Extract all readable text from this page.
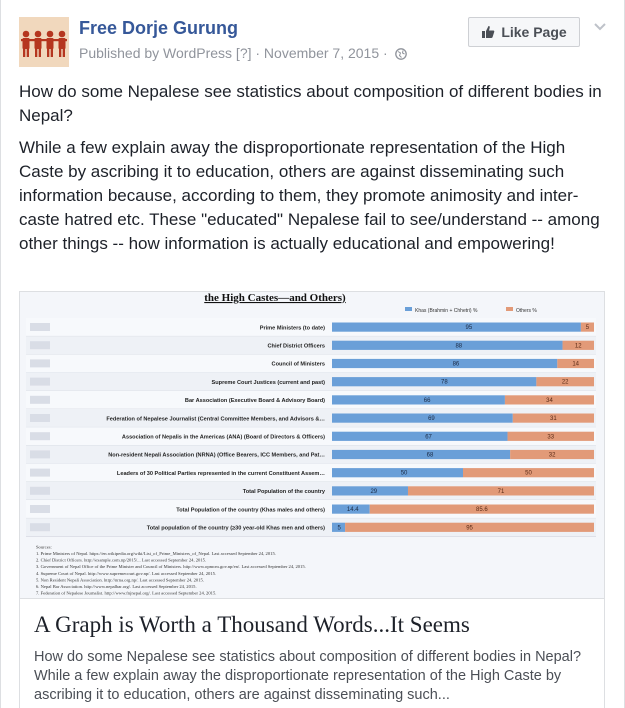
Free Dorje Gurung
Published by WordPress [?] · November 7, 2015 ·
Like Page

How do some Nepalese see statistics about composition of different bodies in Nepal?

While a few explain away the disproportionate representation of the High Caste by ascribing it to education, others are against disseminating such information because, according to them, they promote animosity and inter-caste hatred etc. These "educated" Nepalese fail to see/understand -- among other things -- how information is actually educational and empowering!

the High Castes—and Others)
Khas (Brahmin + Chhetri) %	Others %
Prime Ministers (to date)	95	5
Chief District Officers	88	12
Council of Ministers	86	14
Supreme Court Justices (current and past)	78	22
Bar Association (Executive Board & Advisory Board)	66	34
Federation of Nepalese Journalist (Central Committee Members, and Advisors &…	69	31
Association of Nepalis in the Americas (ANA) (Board of Directors & Officers)	67	33
Non-resident Nepali Association (NRNA) (Office Bearers, ICC Members, and Pat…	68	32
Leaders of 30 Political Parties represented in the current Constituent Assem…	50	50
Total Population of the country	29	71
Total Population of the country (Khas males and others)	14.4	85.6
Total population of the country (≥30 year-old Khas men and others) 5	95
Sources:
1. Prime Ministers of Nepal. https://en.wikipedia.org/wiki/List_of_Prime_Ministers_of_Nepal. Last accessed September 24, 2015.
2. Chief District Officers. http://example.com.np/2015/... Last accessed September 24, 2015.
3. Government of Nepal Office of the Prime Minister and Council of Ministers. http://www.opmcm.gov.np/en/. Last accessed September 24, 2015.
4. Supreme Court of Nepal. http://www.supremecourt.gov.np/. Last accessed September 24, 2015.
5. Non Resident Nepali Association. http://nrna.org.np/. Last accessed September 24, 2015.
6. Nepal Bar Association. http://www.nepalbar.org/. Last accessed September 24, 2015.
7. Federation of Nepalese Journalist. http://www.fnjnepal.org/. Last accessed September 24, 2015.
A Graph is Worth a Thousand Words...It Seems
How do some Nepalese see statistics about composition of different bodies in Nepal? While a few explain away the disproportionate representation of the High Caste by ascribing it to education, others are against disseminating such...
